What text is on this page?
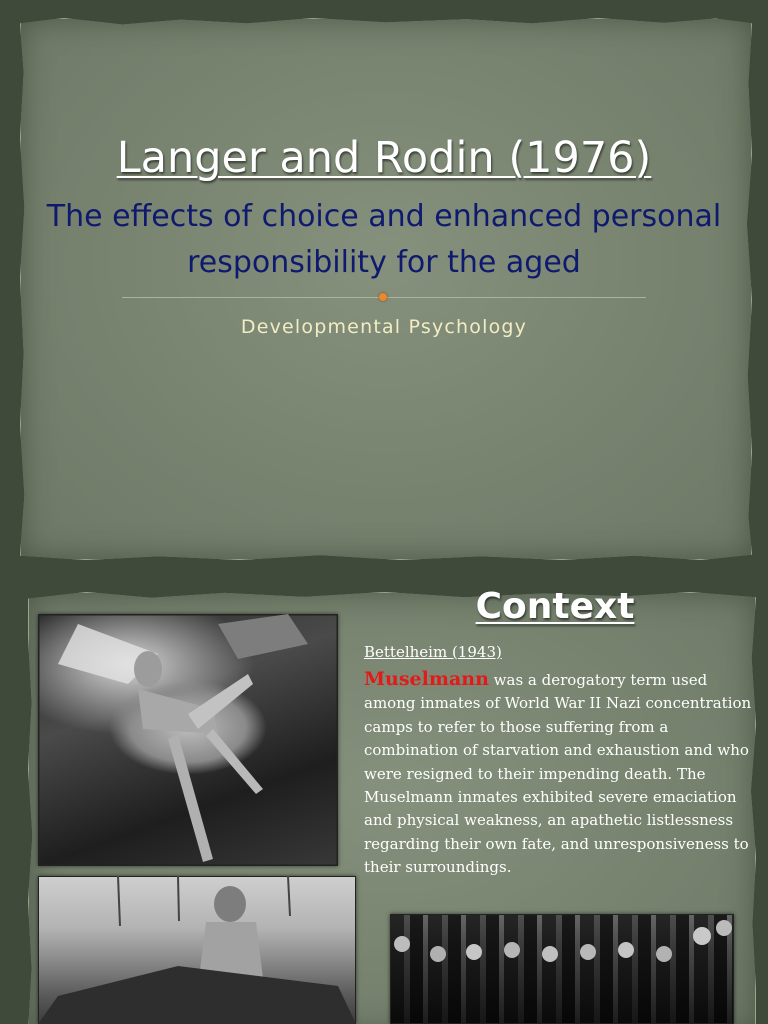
Langer and Rodin (1976)
The effects of choice and enhanced personal responsibility for the aged
Developmental Psychology
Context
Bettelheim (1943)

Muselmann was a derogatory term used among inmates of World War II Nazi concentration camps to refer to those suffering from a combination of starvation and exhaustion and who were resigned to their impending death. The Muselmann inmates exhibited severe emaciation and physical weakness, an apathetic listlessness regarding their own fate, and unresponsiveness to their surroundings.
